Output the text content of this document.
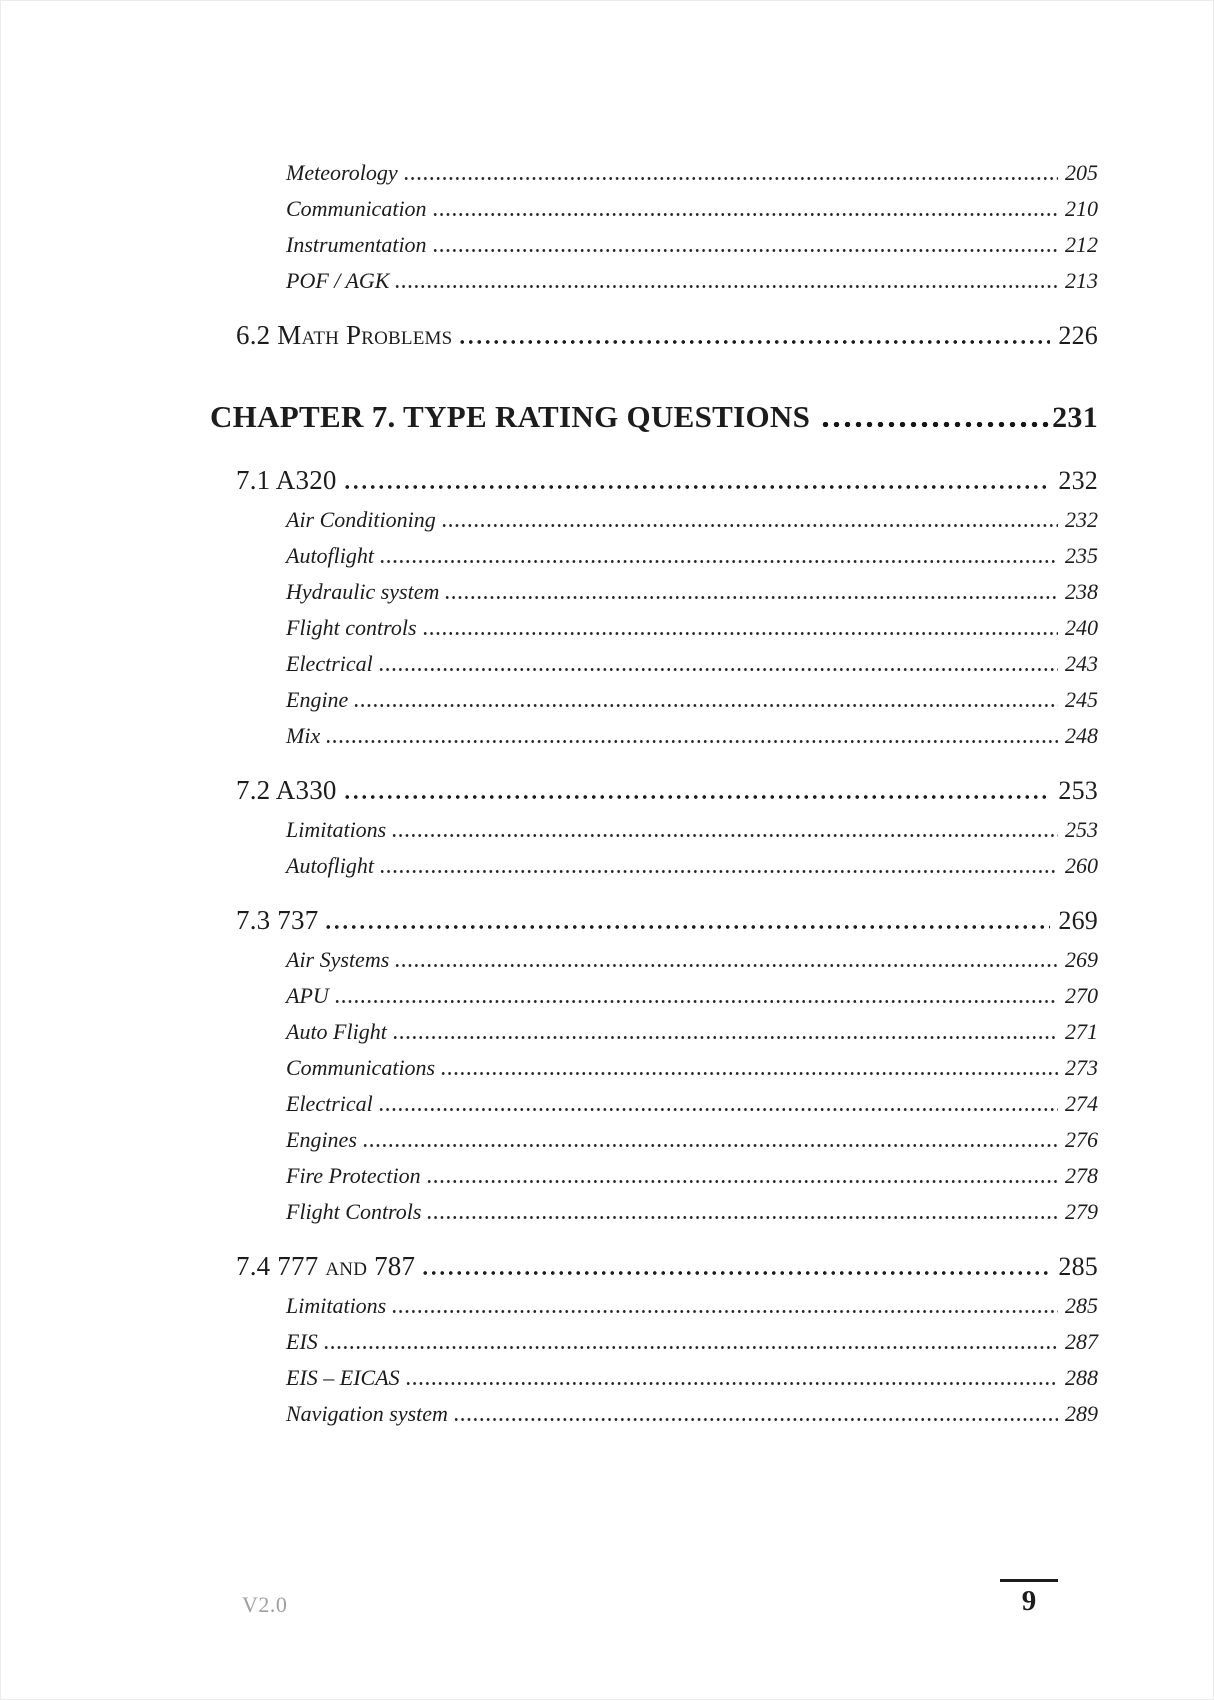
Meteorology	205
Communication	210
Instrumentation	212
POF / AGK	213
6.2 Math Problems	226
CHAPTER 7. TYPE RATING QUESTIONS	231
7.1 A320	232
Air Conditioning	232
Autoflight	235
Hydraulic system	238
Flight controls	240
Electrical	243
Engine	245
Mix	248
7.2 A330	253
Limitations	253
Autoflight	260
7.3 737	269
Air Systems	269
APU	270
Auto Flight	271
Communications	273
Electrical	274
Engines	276
Fire Protection	278
Flight Controls	279
7.4 777 and 787	285
Limitations	285
EIS	287
EIS – EICAS	288
Navigation system	289
V2.0	9
